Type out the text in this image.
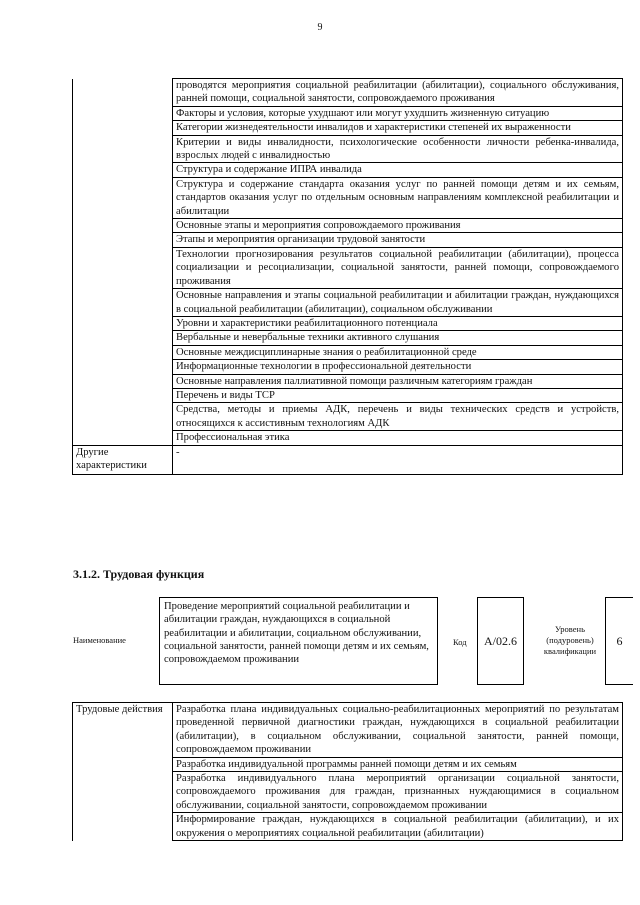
9
	проводятся мероприятия социальной реабилитации (абилитации), социального обслуживания, ранней помощи, социальной занятости, сопровождаемого проживания
	Факторы и условия, которые ухудшают или могут ухудшить жизненную ситуацию
	Категории жизнедеятельности инвалидов и характеристики степеней их выраженности
	Критерии и виды инвалидности, психологические особенности личности ребенка-инвалида, взрослых людей с инвалидностью
	Структура и содержание ИПРА инвалида
	Структура и содержание стандарта оказания услуг по ранней помощи детям и их семьям, стандартов оказания услуг по отдельным основным направлениям комплексной реабилитации и абилитации
	Основные этапы и мероприятия сопровождаемого проживания
	Этапы и мероприятия организации трудовой занятости
	Технологии прогнозирования результатов социальной реабилитации (абилитации), процесса социализации и ресоциализации, социальной занятости, ранней помощи, сопровождаемого проживания
	Основные направления и этапы социальной реабилитации и абилитации граждан, нуждающихся в социальной реабилитации (абилитации), социальном обслуживании
	Уровни и характеристики реабилитационного потенциала
	Вербальные и невербальные техники активного слушания
	Основные междисциплинарные знания о реабилитационной среде
	Информационные технологии в профессиональной деятельности
	Основные направления паллиативной помощи различным категориям граждан
	Перечень и виды ТСР
	Средства, методы и приемы АДК, перечень и виды технических средств и устройств, относящихся к ассистивным технологиям АДК
	Профессиональная этика
Другие характеристики	-
3.1.2. Трудовая функция
Наименование
Проведение мероприятий социальной реабилитации и абилитации граждан, нуждающихся в социальной реабилитации и абилитации, социальном обслуживании, социальной занятости, ранней помощи детям и их семьям, сопровождаемом проживании
Код	А/02.6
Уровень (подуровень) квалификации
6
Трудовые действия	Разработка плана индивидуальных социально-реабилитационных мероприятий по результатам проведенной первичной диагностики граждан, нуждающихся в социальной реабилитации (абилитации), в социальном обслуживании, социальной занятости, ранней помощи, сопровождаемом проживании
Разработка индивидуальной программы ранней помощи детям и их семьям
Разработка индивидуального плана мероприятий организации социальной занятости, сопровождаемого проживания для граждан, признанных нуждающимися в социальном обслуживании, социальной занятости, сопровождаемом проживании
Информирование граждан, нуждающихся в социальной реабилитации (абилитации), и их окружения о мероприятиях социальной реабилитации (абилитации)
